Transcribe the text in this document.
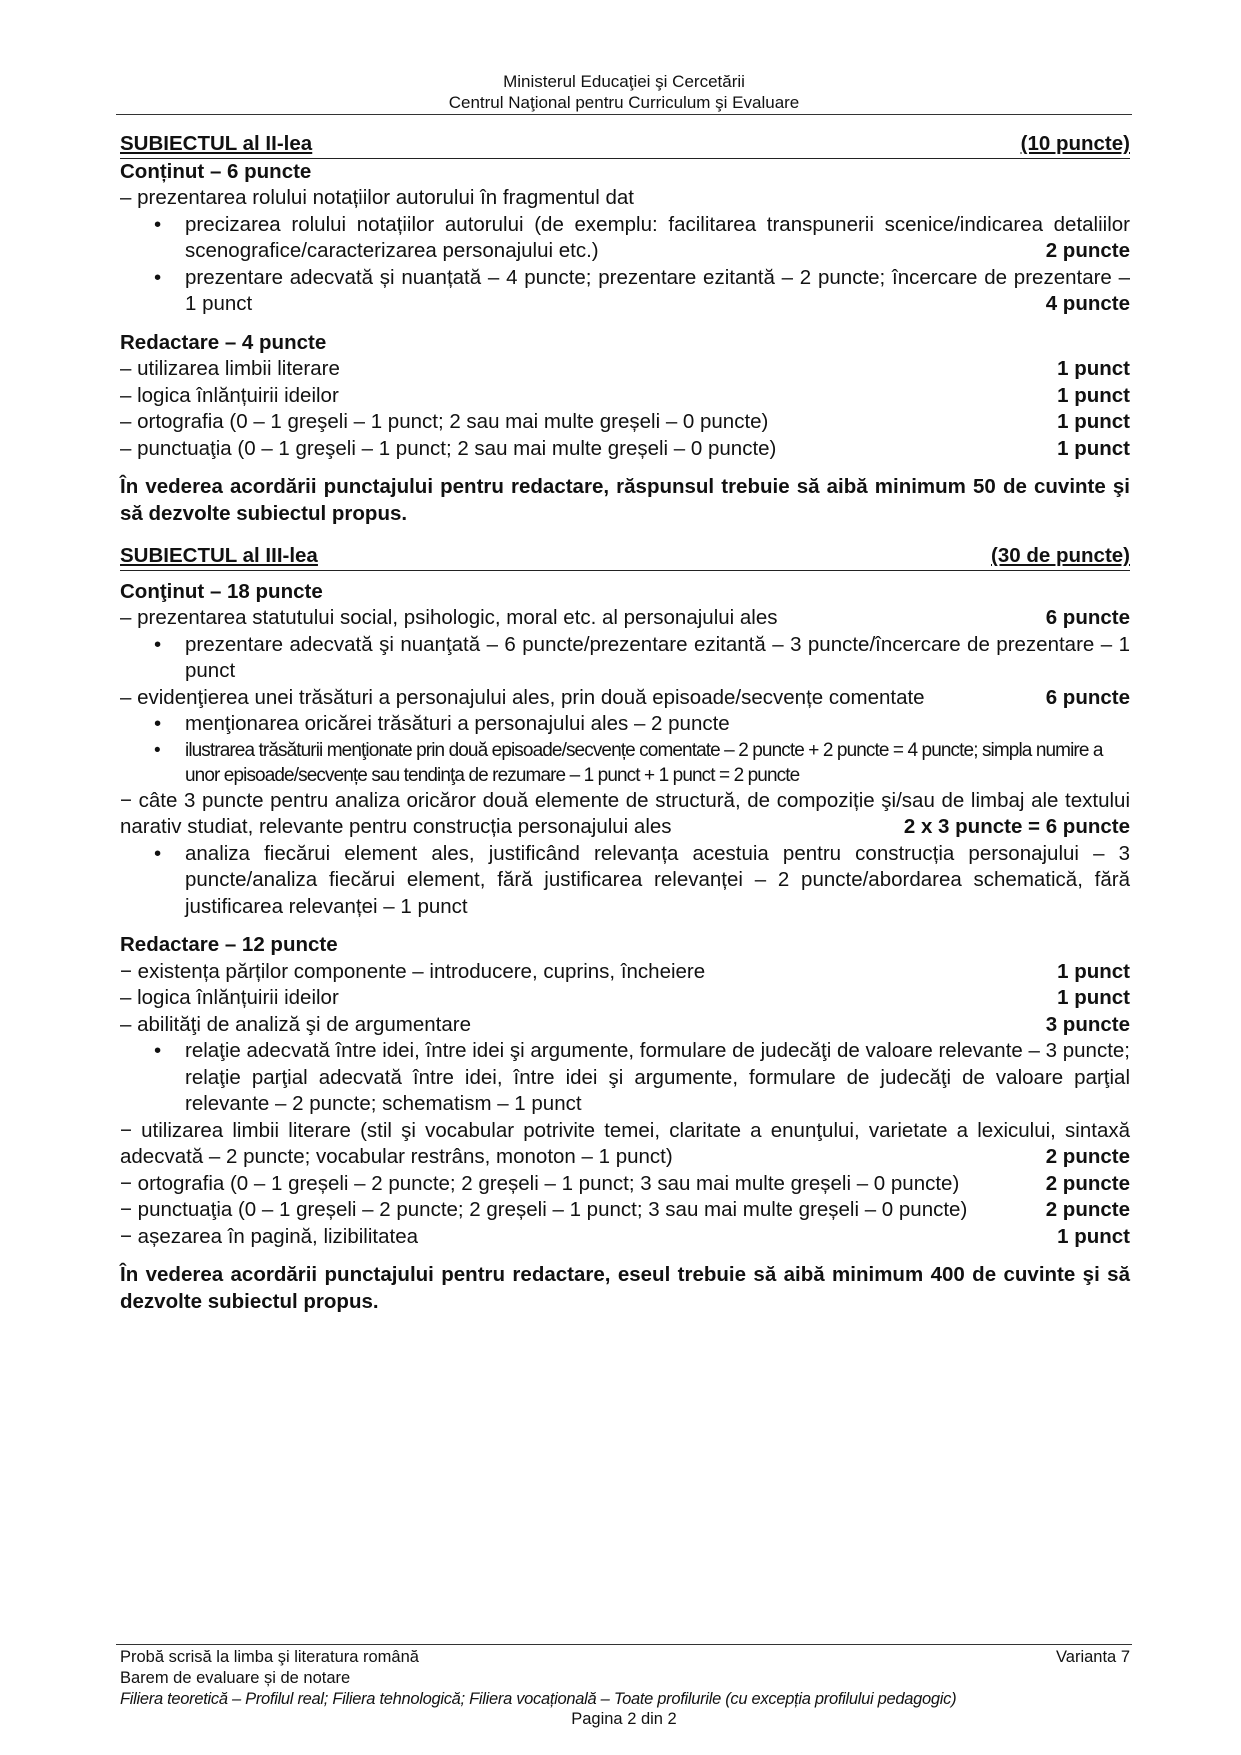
Ministerul Educaţiei şi Cercetării
Centrul Naţional pentru Curriculum şi Evaluare
SUBIECTUL al II-lea	(10 puncte)
Conținut – 6 puncte
– prezentarea rolului notațiilor autorului în fragmentul dat
• precizarea rolului notațiilor autorului (de exemplu: facilitarea transpunerii scenice/indicarea detaliilor scenografice/caracterizarea personajului etc.)	2 puncte
• prezentare adecvată și nuanțată – 4 puncte; prezentare ezitantă – 2 puncte; încercare de prezentare – 1 punct	4 puncte
Redactare – 4 puncte
– utilizarea limbii literare	1 punct
– logica înlănțuirii ideilor	1 punct
– ortografia (0 – 1 greşeli – 1 punct; 2 sau mai multe greșeli – 0 puncte)	1 punct
– punctuaţia (0 – 1 greşeli – 1 punct; 2 sau mai multe greșeli – 0 puncte)	1 punct
În vederea acordării punctajului pentru redactare, răspunsul trebuie să aibă minimum 50 de cuvinte şi să dezvolte subiectul propus.
SUBIECTUL al III-lea	(30 de puncte)
Conţinut – 18 puncte
– prezentarea statutului social, psihologic, moral etc. al personajului ales	6 puncte
• prezentare adecvată şi nuanţată – 6 puncte/prezentare ezitantă – 3 puncte/încercare de prezentare – 1 punct
– evidenţierea unei trăsături a personajului ales, prin două episoade/secvențe comentate	6 puncte
• menţionarea oricărei trăsături a personajului ales – 2 puncte
• ilustrarea trăsăturii menţionate prin două episoade/secvențe comentate – 2 puncte + 2 puncte = 4 puncte; simpla numire a unor episoade/secvențe sau tendinţa de rezumare – 1 punct + 1 punct = 2 puncte
− câte 3 puncte pentru analiza oricăror două elemente de structură, de compoziție şi/sau de limbaj ale textului narativ studiat, relevante pentru construcția personajului ales	2 x 3 puncte = 6 puncte
• analiza fiecărui element ales, justificând relevanța acestuia pentru construcția personajului – 3 puncte/analiza fiecărui element, fără justificarea relevanței – 2 puncte/abordarea schematică, fără justificarea relevanței – 1 punct
Redactare – 12 puncte
− existența părților componente – introducere, cuprins, încheiere	1 punct
– logica înlănțuirii ideilor	1 punct
– abilităţi de analiză şi de argumentare	3 puncte
• relaţie adecvată între idei, între idei şi argumente, formulare de judecăţi de valoare relevante – 3 puncte; relaţie parţial adecvată între idei, între idei şi argumente, formulare de judecăţi de valoare parţial relevante – 2 puncte; schematism – 1 punct
− utilizarea limbii literare (stil şi vocabular potrivite temei, claritate a enunţului, varietate a lexicului, sintaxă adecvată – 2 puncte; vocabular restrâns, monoton – 1 punct)	2 puncte
− ortografia (0 – 1 greșeli – 2 puncte; 2 greșeli – 1 punct; 3 sau mai multe greșeli – 0 puncte)	2 puncte
− punctuaţia (0 – 1 greșeli – 2 puncte; 2 greșeli – 1 punct; 3 sau mai multe greșeli – 0 puncte)	2 puncte
− așezarea în pagină, lizibilitatea	1 punct
În vederea acordării punctajului pentru redactare, eseul trebuie să aibă minimum 400 de cuvinte şi să dezvolte subiectul propus.
Probă scrisă la limba şi literatura română	Varianta 7
Barem de evaluare și de notare
Filiera teoretică – Profilul real; Filiera tehnologică; Filiera vocațională – Toate profilurile (cu excepția profilului pedagogic)
Pagina 2 din 2
